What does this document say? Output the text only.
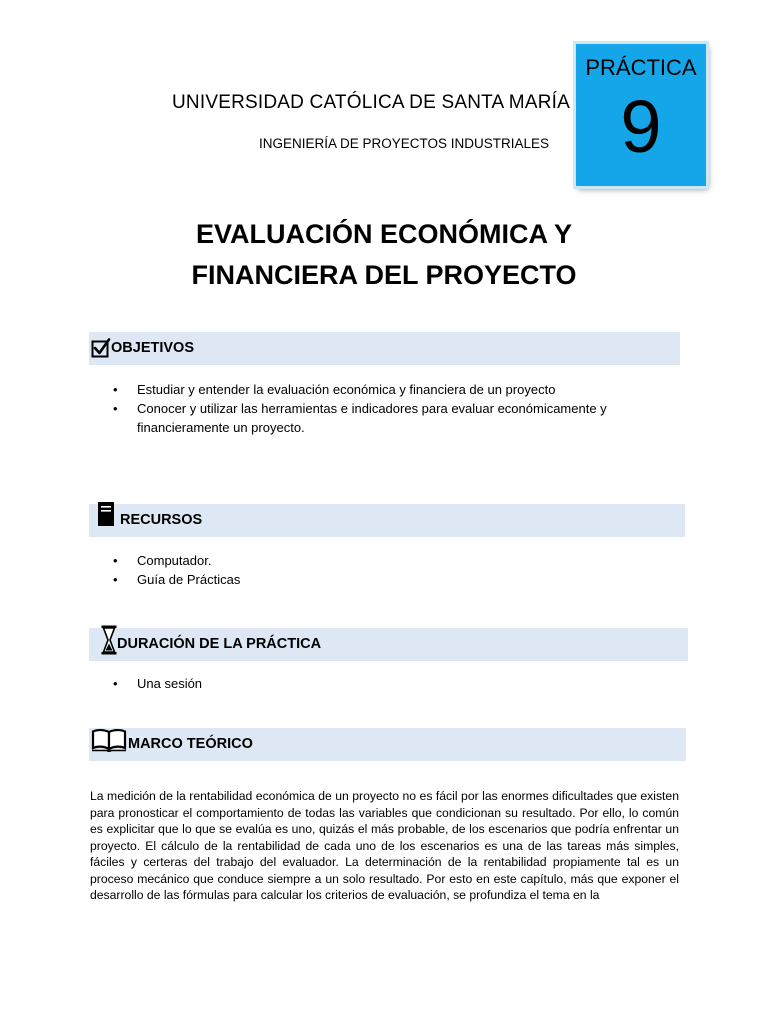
UNIVERSIDAD CATÓLICA DE SANTA MARÍA
INGENIERÍA DE PROYECTOS INDUSTRIALES
PRÁCTICA
9
EVALUACIÓN ECONÓMICA Y
FINANCIERA DEL PROYECTO
OBJETIVOS
• Estudiar y entender la evaluación económica y financiera de un proyecto
• Conocer y utilizar las herramientas e indicadores para evaluar económicamente y financieramente un proyecto.
RECURSOS
• Computador.
• Guía de Prácticas
DURACIÓN DE LA PRÁCTICA
• Una sesión
MARCO TEÓRICO

La medición de la rentabilidad económica de un proyecto no es fácil por las enormes dificultades que existen para pronosticar el comportamiento de todas las variables que condicionan su resultado. Por ello, lo común es explicitar que lo que se evalúa es uno, quizás el más probable, de los escenarios que podría enfrentar un proyecto. El cálculo de la rentabilidad de cada uno de los escenarios es una de las tareas más simples, fáciles y certeras del trabajo del evaluador. La determinación de la rentabilidad propiamente tal es un proceso mecánico que conduce siempre a un solo resultado. Por esto en este capítulo, más que exponer el desarrollo de las fórmulas para calcular los criterios de evaluación, se profundiza el tema en la
